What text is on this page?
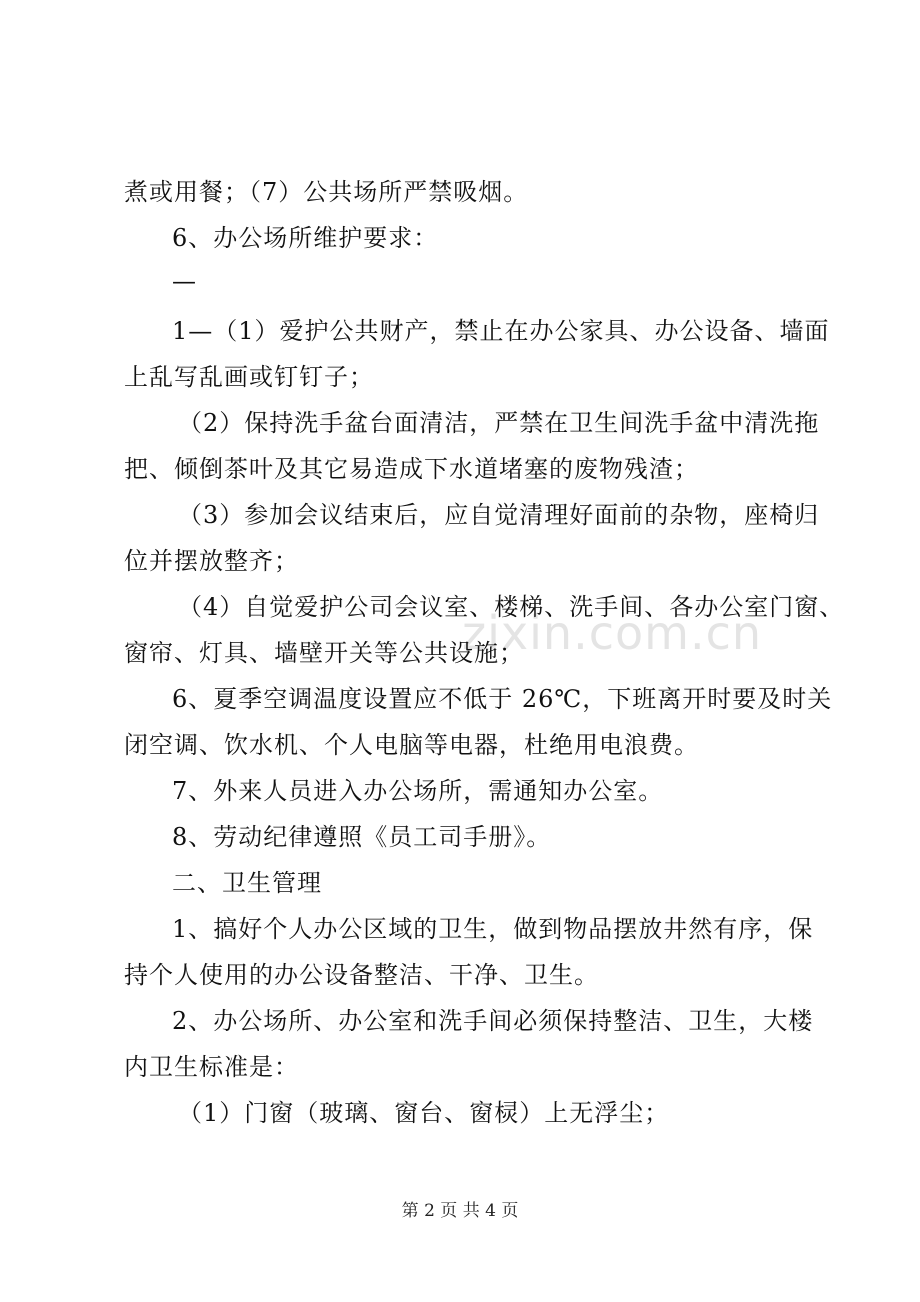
zixin.com.cn
煮或用餐；（7）公共场所严禁吸烟。
6、办公场所维护要求：
—
1—（1）爱护公共财产，禁止在办公家具、办公设备、墙面
上乱写乱画或钉钉子；
（2）保持洗手盆台面清洁，严禁在卫生间洗手盆中清洗拖
把、倾倒茶叶及其它易造成下水道堵塞的废物残渣；
（3）参加会议结束后，应自觉清理好面前的杂物，座椅归
位并摆放整齐；
（4）自觉爱护公司会议室、楼梯、洗手间、各办公室门窗、
窗帘、灯具、墙壁开关等公共设施；
6、夏季空调温度设置应不低于 26℃，下班离开时要及时关
闭空调、饮水机、个人电脑等电器，杜绝用电浪费。
7、外来人员进入办公场所，需通知办公室。
8、劳动纪律遵照《员工司手册》。
二、卫生管理
1、搞好个人办公区域的卫生，做到物品摆放井然有序，保
持个人使用的办公设备整洁、干净、卫生。
2、办公场所、办公室和洗手间必须保持整洁、卫生，大楼
内卫生标准是：
（1）门窗（玻璃、窗台、窗棂）上无浮尘；
第 2 页 共 4 页
